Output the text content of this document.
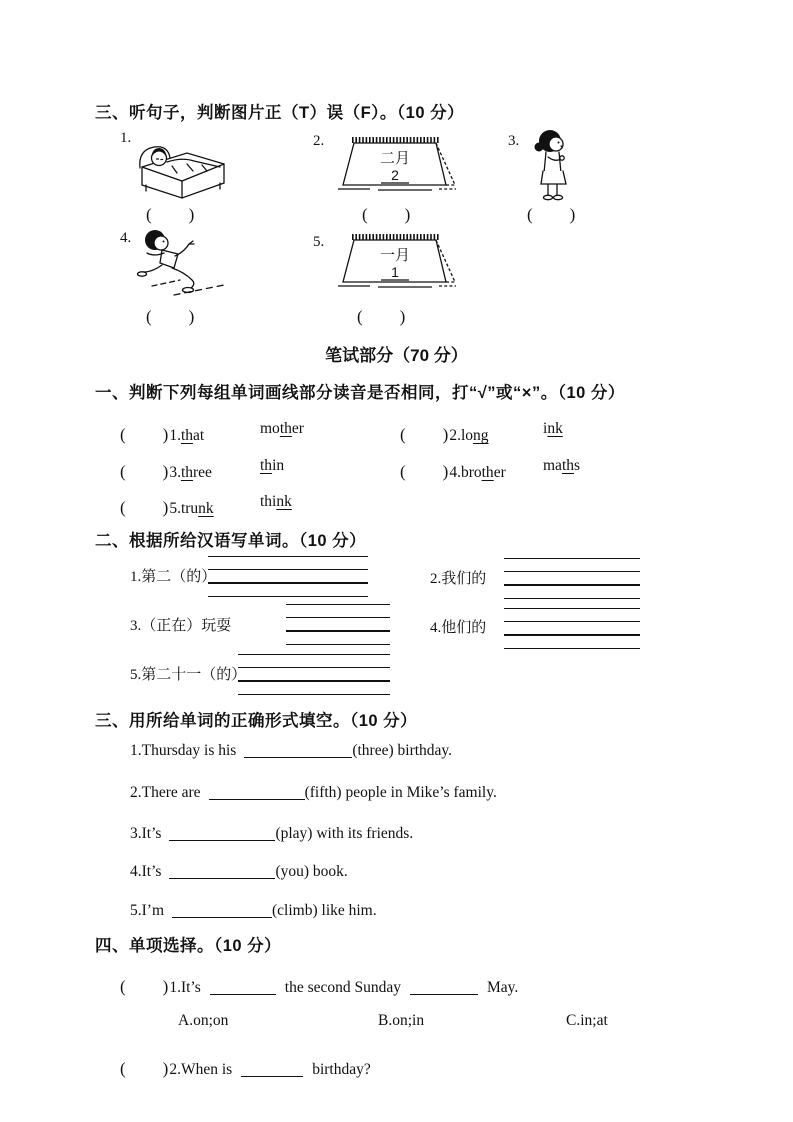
三、听句子，判断图片正（T）误（F）。（10 分）
1.	2.
二月
2
3.
(　　)	(　　)	(　　)
4.	5.
一月
1
(　　)	(　　)
笔试部分（70 分）
一、判断下列每组单词画线部分读音是否相同，打“√”或“×”。（10 分）
(　　)1.that	mother	(　　)2.long	ink
(　　)3.three	thin	(　　)4.brother maths
(　　)5.trunk	think
二、根据所给汉语写单词。（10 分）
1.第二（的）	2.我们的
3.（正在）玩耍	4.他们的
5.第二十一（的）
三、用所给单词的正确形式填空。（10 分）
1.Thursday is his	(three) birthday.
2.There are	(fifth) people in Mike’s family.
3.It’s	(play) with its friends.
4.It’s	(you) book.
5.I’m	(climb) like him.
四、单项选择。（10 分）
(　　)1.It’s	the second Sunday	May.
A.on;on	B.on;in	C.in;at
(　　)2.When is	birthday?
